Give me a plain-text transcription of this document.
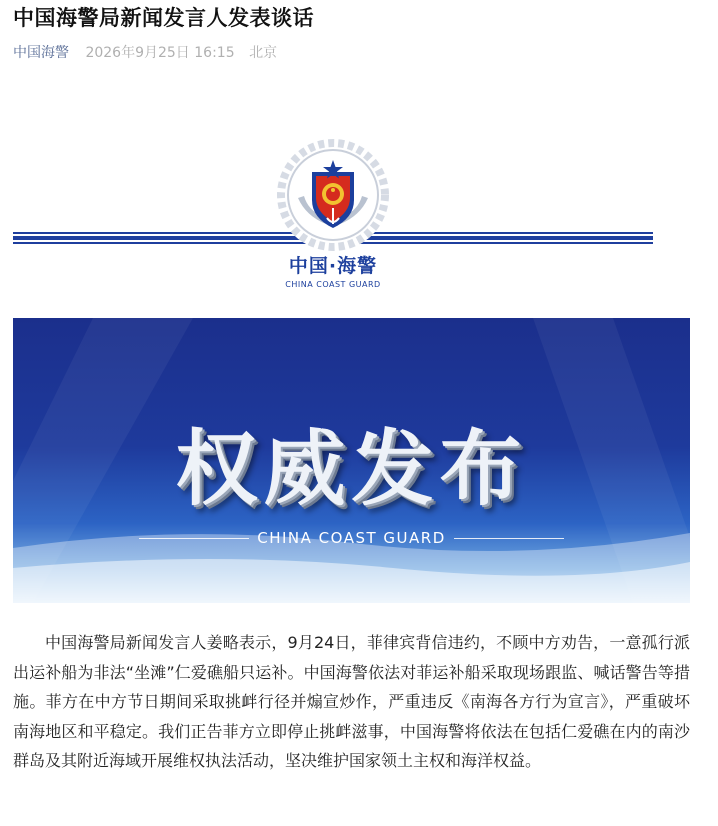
中国海警局新闻发言人发表谈话
中国海警 2026年9月25日 16:15 北京
中国·海警
CHINA COAST GUARD
权威发布
CHINA COAST GUARD

中国海警局新闻发言人姜略表示，9月24日，菲律宾背信违约，不顾中方劝告，一意孤行派出运补船为非法“坐滩”仁爱礁船只运补。中国海警依法对菲运补船采取现场跟监、喊话警告等措施。菲方在中方节日期间采取挑衅行径并煽宣炒作，严重违反《南海各方行为宣言》，严重破坏南海地区和平稳定。我们正告菲方立即停止挑衅滋事，中国海警将依法在包括仁爱礁在内的南沙群岛及其附近海域开展维权执法活动，坚决维护国家领土主权和海洋权益。
